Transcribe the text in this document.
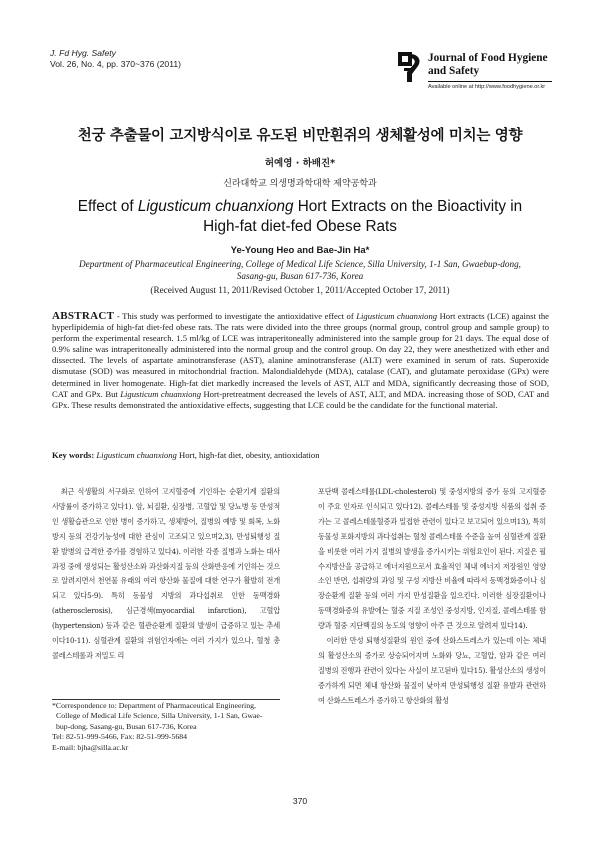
J. Fd Hyg. Safety
Vol. 26, No. 4, pp. 370~376 (2011)	Journal of Food Hygiene
and Safety
Available online at http://www.foodhygiene.or.kr
천궁 추출물이 고지방식이로 유도된 비만흰쥐의 생체활성에 미치는 영향
허예영 · 하배진*
신라대학교 의생명과학대학 제약공학과
Effect of Ligusticum chuanxiong Hort Extracts on the Bioactivity in High-fat diet-fed Obese Rats
Ye-Young Heo and Bae-Jin Ha*
Department of Pharmaceutical Engineering, College of Medical Life Science, Silla University, 1-1 San, Gwaebup-dong, Sasang-gu, Busan 617-736, Korea
(Received August 11, 2011/Revised October 1, 2011/Accepted October 17, 2011)
ABSTRACT - This study was performed to investigate the antioxidative effect of Ligusticum chuanxiong Hort extracts (LCE) against the hyperlipidemia of high-fat diet-fed obese rats. The rats were divided into the three groups (normal group, control group and sample group) to perform the experimental research. 1.5 ml/kg of LCE was intraperitoneally administered into the sample group for 21 days. The equal dose of 0.9% saline was intraperitoneally administered into the normal group and the control group. On day 22, they were anesthetized with ether and dissected. The levels of aspartate aminotransferase (AST), alanine aminotransferase (ALT) were examined in serum of rats. Superoxide dismutase (SOD) was measured in mitochondrial fraction. Malondialdehyde (MDA), catalase (CAT), and glutamate peroxidase (GPx) were determined in liver homogenate. High-fat diet markedly increased the levels of AST, ALT and MDA, significantly decreasing those of SOD, CAT and GPx. But Ligusticum chuanxiong Hort-pretreatment decreased the levels of AST, ALT, and MDA. increasing those of SOD, CAT and GPx. These results demonstrated the antioxidative effects, suggesting that LCE could be the candidate for the functional material.
Key words: Ligusticum chuanxiong Hort, high-fat diet, obesity, antioxidation

최근 식생활의 서구화로 인하여 고지혈증에 기인하는 순환기계 질환의 사망률이 증가하고 있다1). 암, 뇌질환, 심장병, 고혈압 및 당뇨병 등 만성적인 생활습관으로 인한 병이 증가하고, 생체방어, 질병의 예방 및 회복, 노화 방지 등의 건강기능성에 대한 관심이 고조되고 있으며2,3), 만성퇴행성 질환 발병의 급격한 증가를 경험하고 있다4). 이러한 각종 질병과 노화는 대사 과정 중에 생성되는 활성산소와 과산화지질 등의 산화반응에 기인하는 것으로 알려지면서 천연물 유래의 여러 항산화 물질에 대한 연구가 활발히 전개되고 있다5-9). 특히 동물성 지방의 과다섭취로 인한 동맥경화(atherosclerosis), 심근경색(myocardial infarction), 고혈압(hypertension) 등과 같은 혈관순환계 질환의 발생이 급증하고 있는 추세이다10-11). 심혈관계 질환의 위험인자에는 여러 가지가 있으나, 혈청 총 콜레스테롤과 저밀도 리

포단백 콜레스테롤(LDL-cholesterol) 및 중성지방의 증가 등의 고지혈증이 주요 인자로 인식되고 있다12). 콜레스테롤 및 중성지방 식품의 섭취 증가는 고 콜레스테롤혈증과 밀접한 관련이 있다고 보고되어 있으며13), 특히 동물성 포화지방의 과다섭취는 혈청 콜레스테롤 수준을 높여 심혈관계 질환을 비롯한 여러 가지 질병의 발생을 증가시키는 위험요인이 된다. 지질은 필수지방산을 공급하고 에너지원으로서 효율적인 체내 에너지 저장원인 영양소인 반면, 섭취량의 과잉 및 구성 지방산 비율에 따라서 동맥경화증이나 심장순환계 질환 등의 여러 가지 만성질환을 일으킨다. 이러한 심장질환이나 동맥경화증의 유발에는 혈중 지질 조성인 중성지방, 인지질, 콜레스테롤 함량과 혈중 지단백질의 농도의 영향이 아주 큰 것으로 알려져 있다14).

이러한 만성 퇴행성질환의 원인 중에 산화스트레스가 있는데 이는 체내의 활성산소의 증가로 상승되어지며 노화와 당뇨, 고혈압, 암과 같은 여러 질병의 진행과 관련이 있다는 사실이 보고된바 있다15). 활성산소의 생성이 증가하게 되면 체내 항산화 물질이 낮아져 만성퇴행성 질환 유발과 관련하여 산화스트레스가 증가하고 항산화의 활성

*Correspondence to: Department of Pharmaceutical Engineering,
College of Medical Life Science, Silla University, 1-1 San, Gwae-
bup-dong, Sasang-gu, Busan 617-736, Korea
Tel: 82-51-999-5466, Fax: 82-51-999-5684
E-mail: bjha@silla.ac.kr
370
